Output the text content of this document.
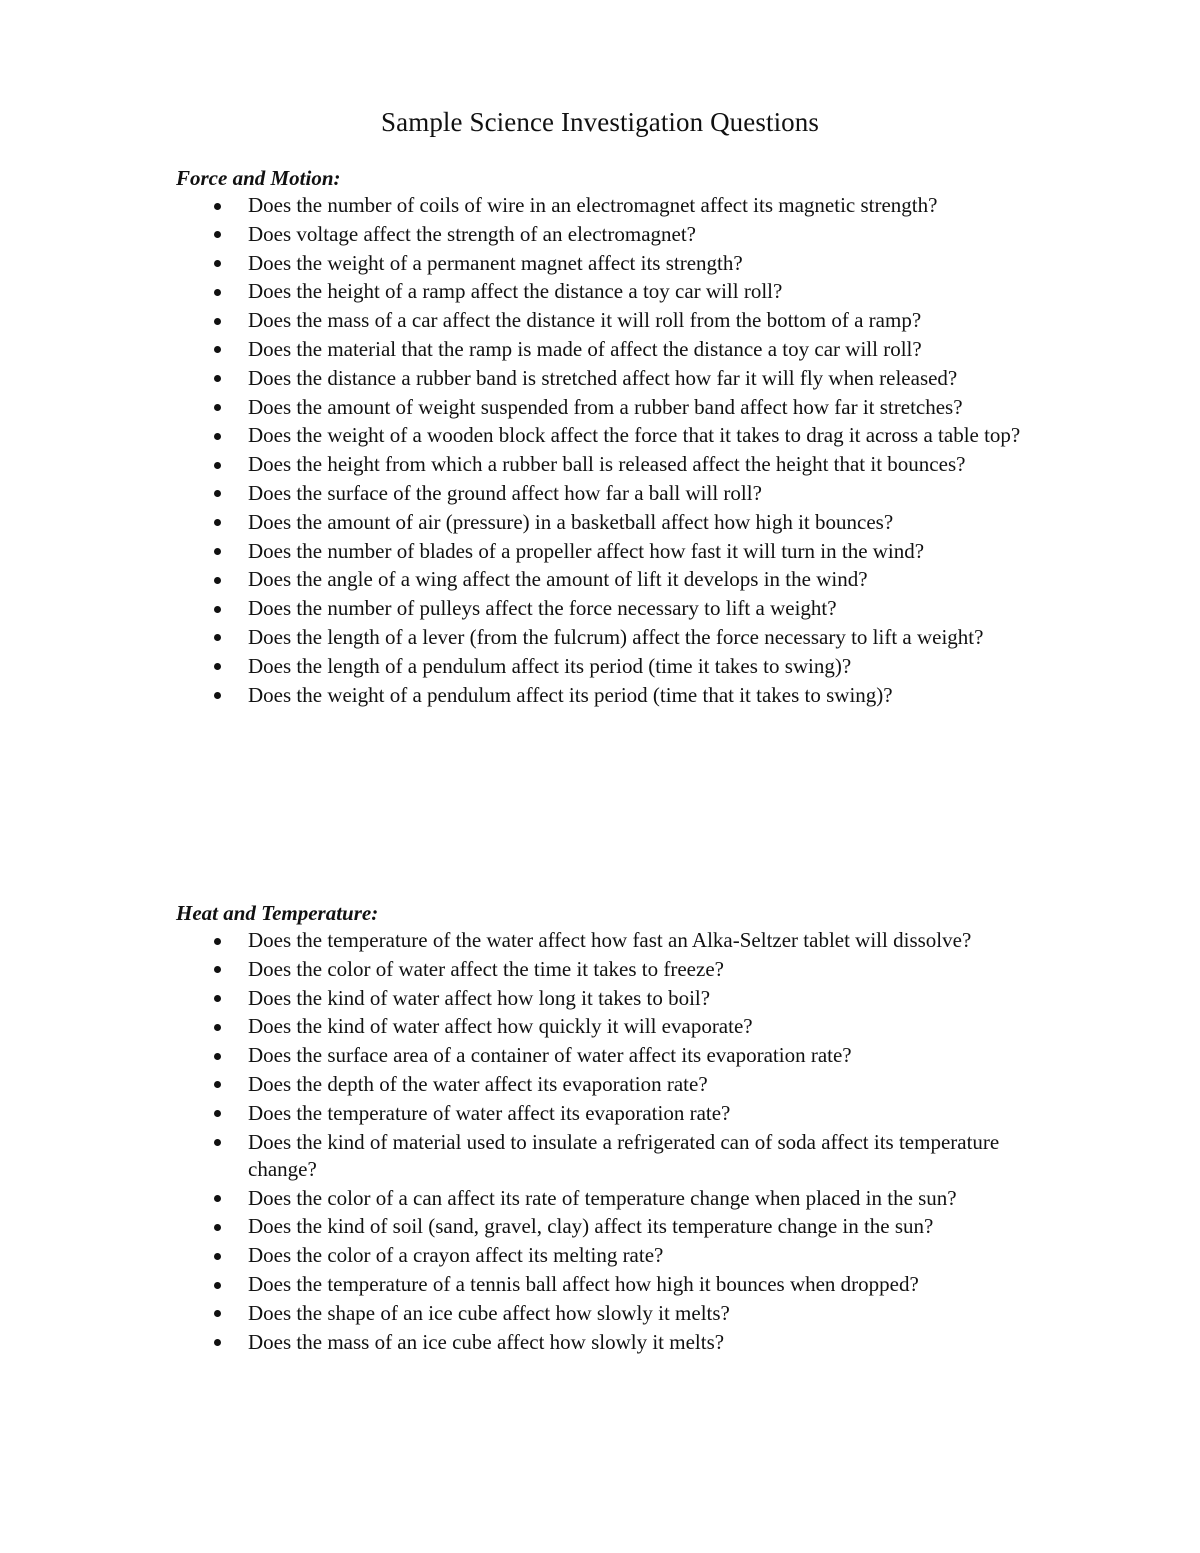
Sample Science Investigation Questions

Force and Motion:

Does the number of coils of wire in an electromagnet affect its magnetic strength?
Does voltage affect the strength of an electromagnet?
Does the weight of a permanent magnet affect its strength?
Does the height of a ramp affect the distance a toy car will roll?
Does the mass of a car affect the distance it will roll from the bottom of a ramp?
Does the material that the ramp is made of affect the distance a toy car will roll?
Does the distance a rubber band is stretched affect how far it will fly when released?
Does the amount of weight suspended from a rubber band affect how far it stretches?
Does the weight of a wooden block affect the force that it takes to drag it across a table top?
Does the height from which a rubber ball is released affect the height that it bounces?
Does the surface of the ground affect how far a ball will roll?
Does the amount of air (pressure) in a basketball affect how high it bounces?
Does the number of blades of a propeller affect how fast it will turn in the wind?
Does the angle of a wing affect the amount of lift it develops in the wind?
Does the number of pulleys affect the force necessary to lift a weight?
Does the length of a lever (from the fulcrum) affect the force necessary to lift a weight?
Does the length of a pendulum affect its period (time it takes to swing)?
Does the weight of a pendulum affect its period (time that it takes to swing)?

Heat and Temperature:

Does the temperature of the water affect how fast an Alka-Seltzer tablet will dissolve?
Does the color of water affect the time it takes to freeze?
Does the kind of water affect how long it takes to boil?
Does the kind of water affect how quickly it will evaporate?
Does the surface area of a container of water affect its evaporation rate?
Does the depth of the water affect its evaporation rate?
Does the temperature of water affect its evaporation rate?
Does the kind of material used to insulate a refrigerated can of soda affect its temperature change?
Does the color of a can affect its rate of temperature change when placed in the sun?
Does the kind of soil (sand, gravel, clay) affect its temperature change in the sun?
Does the color of a crayon affect its melting rate?
Does the temperature of a tennis ball affect how high it bounces when dropped?
Does the shape of an ice cube affect how slowly it melts?
Does the mass of an ice cube affect how slowly it melts?
